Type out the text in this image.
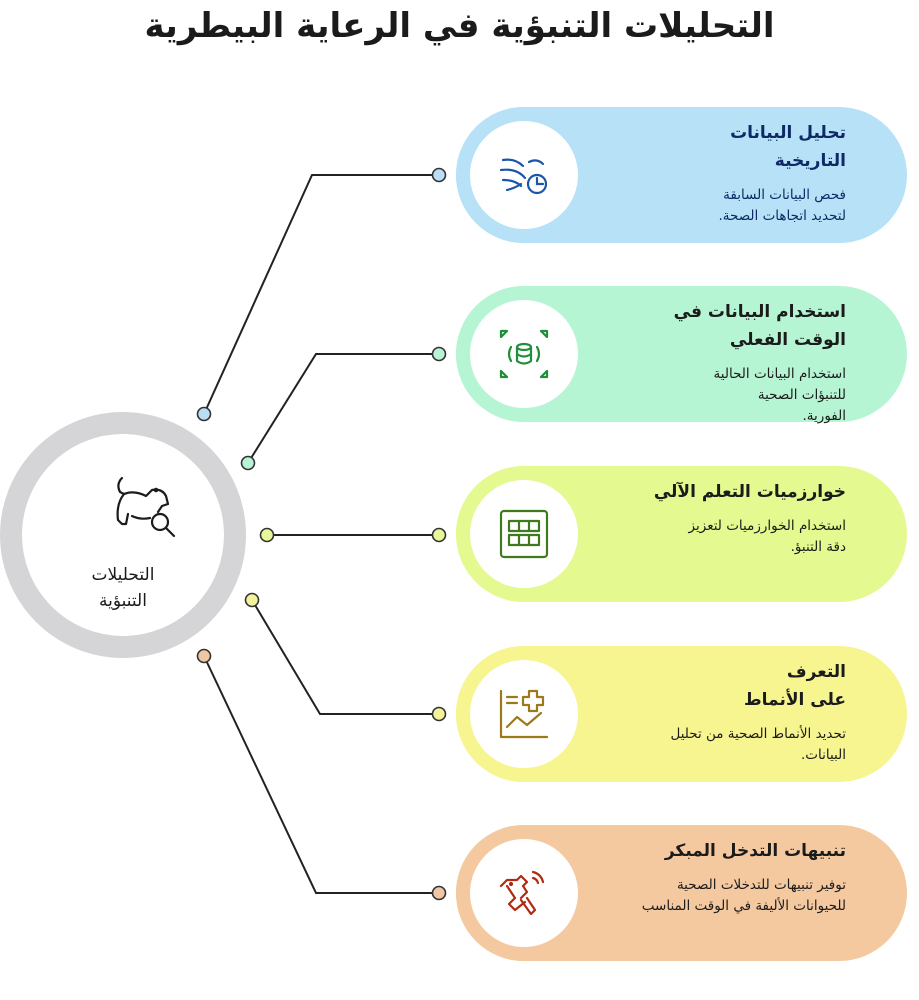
التحليلات التنبؤية في الرعاية البيطرية
التحليلات
التنبؤية
تحليل البيانات
التاريخية
فحص البيانات السابقة
لتحديد اتجاهات الصحة.
استخدام البيانات في
الوقت الفعلي
استخدام البيانات الحالية
للتنبؤات الصحية
الفورية.
خوارزميات التعلم الآلي
استخدام الخوارزميات لتعزيز
دقة التنبؤ.
التعرف
على الأنماط
تحديد الأنماط الصحية من تحليل
البيانات.
تنبيهات التدخل المبكر
توفير تنبيهات للتدخلات الصحية
للحيوانات الأليفة في الوقت المناسب
